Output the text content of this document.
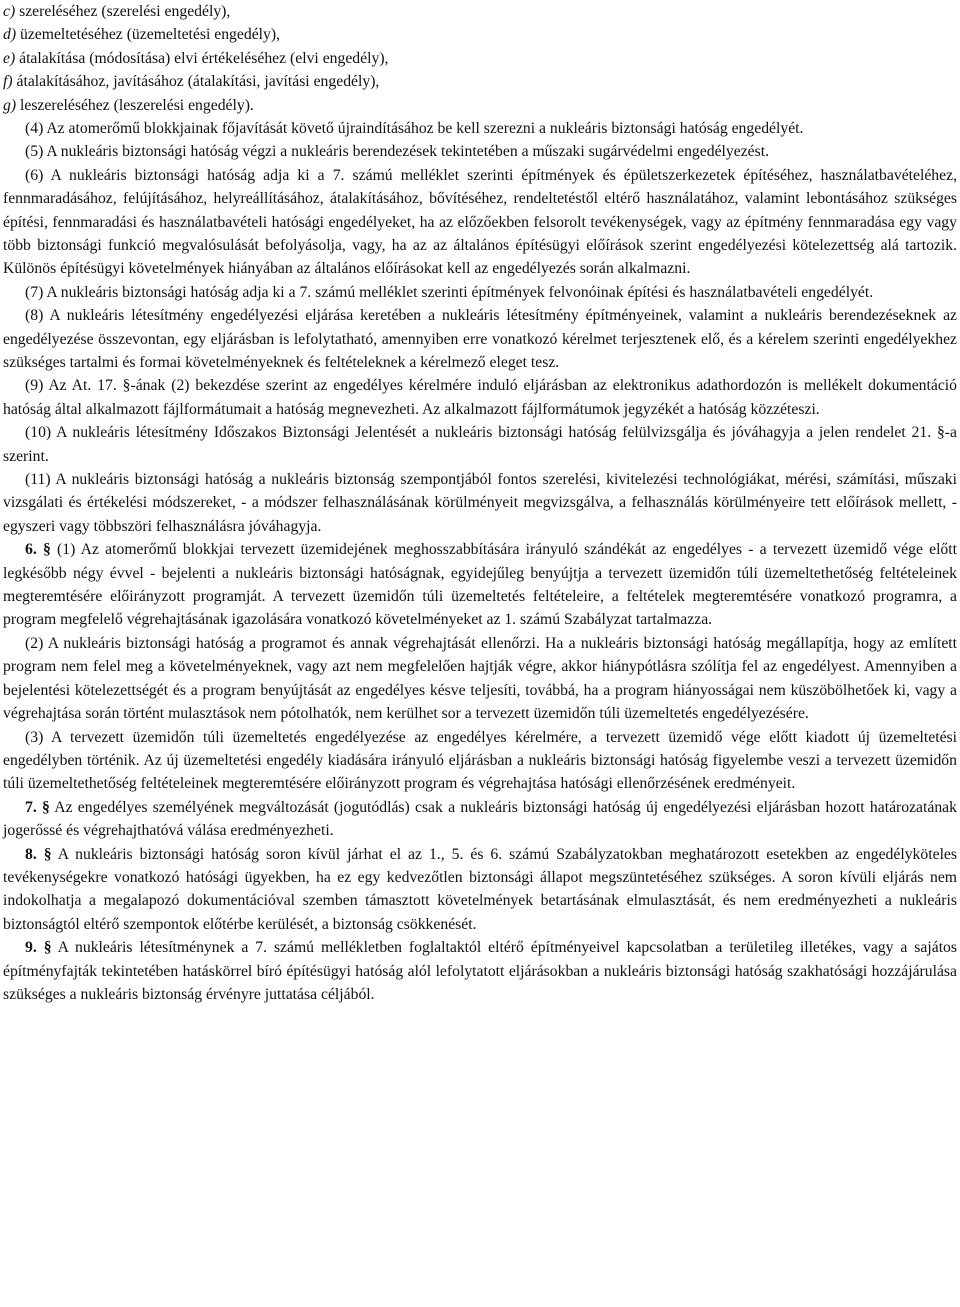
c) szereléséhez (szerelési engedély),
d) üzemeltetéséhez (üzemeltetési engedély),
e) átalakítása (módosítása) elvi értékeléséhez (elvi engedély),
f) átalakításához, javításához (átalakítási, javítási engedély),
g) leszereléséhez (leszerelési engedély).

(4) Az atomerőmű blokkjainak főjavítását követő újraindításához be kell szerezni a nukleáris biztonsági hatóság engedélyét.

(5) A nukleáris biztonsági hatóság végzi a nukleáris berendezések tekintetében a műszaki sugárvédelmi engedélyezést.

(6) A nukleáris biztonsági hatóság adja ki a 7. számú melléklet szerinti építmények és épületszerkezetek építéséhez, használatbavételéhez, fennmaradásához, felújításához, helyreállításához, átalakításához, bővítéséhez, rendeltetéstől eltérő használatához, valamint lebontásához szükséges építési, fennmaradási és használatbavételi hatósági engedélyeket, ha az előzőekben felsorolt tevékenységek, vagy az építmény fennmaradása egy vagy több biztonsági funkció megvalósulását befolyásolja, vagy, ha az az általános építésügyi előírások szerint engedélyezési kötelezettség alá tartozik. Különös építésügyi követelmények hiányában az általános előírásokat kell az engedélyezés során alkalmazni.

(7) A nukleáris biztonsági hatóság adja ki a 7. számú melléklet szerinti építmények felvonóinak építési és használatbavételi engedélyét.

(8) A nukleáris létesítmény engedélyezési eljárása keretében a nukleáris létesítmény építményeinek, valamint a nukleáris berendezéseknek az engedélyezése összevontan, egy eljárásban is lefolytatható, amennyiben erre vonatkozó kérelmet terjesztenek elő, és a kérelem szerinti engedélyekhez szükséges tartalmi és formai követelményeknek és feltételeknek a kérelmező eleget tesz.

(9) Az At. 17. §-ának (2) bekezdése szerint az engedélyes kérelmére induló eljárásban az elektronikus adathordozón is mellékelt dokumentáció hatóság által alkalmazott fájlformátumait a hatóság megnevezheti. Az alkalmazott fájlformátumok jegyzékét a hatóság közzéteszi.

(10) A nukleáris létesítmény Időszakos Biztonsági Jelentését a nukleáris biztonsági hatóság felülvizsgálja és jóváhagyja a jelen rendelet 21. §-a szerint.

(11) A nukleáris biztonsági hatóság a nukleáris biztonság szempontjából fontos szerelési, kivitelezési technológiákat, mérési, számítási, műszaki vizsgálati és értékelési módszereket, - a módszer felhasználásának körülményeit megvizsgálva, a felhasználás körülményeire tett előírások mellett, - egyszeri vagy többszöri felhasználásra jóváhagyja.

6. § (1) Az atomerőmű blokkjai tervezett üzemidejének meghosszabbítására irányuló szándékát az engedélyes - a tervezett üzemidő vége előtt legkésőbb négy évvel - bejelenti a nukleáris biztonsági hatóságnak, egyidejűleg benyújtja a tervezett üzemidőn túli üzemeltethetőség feltételeinek megteremtésére előirányzott programját. A tervezett üzemidőn túli üzemeltetés feltételeire, a feltételek megteremtésére vonatkozó programra, a program megfelelő végrehajtásának igazolására vonatkozó követelményeket az 1. számú Szabályzat tartalmazza.

(2) A nukleáris biztonsági hatóság a programot és annak végrehajtását ellenőrzi. Ha a nukleáris biztonsági hatóság megállapítja, hogy az említett program nem felel meg a követelményeknek, vagy azt nem megfelelően hajtják végre, akkor hiánypótlásra szólítja fel az engedélyest. Amennyiben a bejelentési kötelezettségét és a program benyújtását az engedélyes késve teljesíti, továbbá, ha a program hiányosságai nem küszöbölhetőek ki, vagy a végrehajtása során történt mulasztások nem pótolhatók, nem kerülhet sor a tervezett üzemidőn túli üzemeltetés engedélyezésére.

(3) A tervezett üzemidőn túli üzemeltetés engedélyezése az engedélyes kérelmére, a tervezett üzemidő vége előtt kiadott új üzemeltetési engedélyben történik. Az új üzemeltetési engedély kiadására irányuló eljárásban a nukleáris biztonsági hatóság figyelembe veszi a tervezett üzemidőn túli üzemeltethetőség feltételeinek megteremtésére előirányzott program és végrehajtása hatósági ellenőrzésének eredményeit.

7. § Az engedélyes személyének megváltozását (jogutódlás) csak a nukleáris biztonsági hatóság új engedélyezési eljárásban hozott határozatának jogerőssé és végrehajthatóvá válása eredményezheti.

8. § A nukleáris biztonsági hatóság soron kívül járhat el az 1., 5. és 6. számú Szabályzatokban meghatározott esetekben az engedélyköteles tevékenységekre vonatkozó hatósági ügyekben, ha ez egy kedvezőtlen biztonsági állapot megszüntetéséhez szükséges. A soron kívüli eljárás nem indokolhatja a megalapozó dokumentációval szemben támasztott követelmények betartásának elmulasztását, és nem eredményezheti a nukleáris biztonságtól eltérő szempontok előtérbe kerülését, a biztonság csökkenését.

9. § A nukleáris létesítménynek a 7. számú mellékletben foglaltaktól eltérő építményeivel kapcsolatban a területileg illetékes, vagy a sajátos építményfajták tekintetében hatáskörrel bíró építésügyi hatóság alól lefolytatott eljárásokban a nukleáris biztonsági hatóság szakhatósági hozzájárulása szükséges a nukleáris biztonság érvényre juttatása céljából.
